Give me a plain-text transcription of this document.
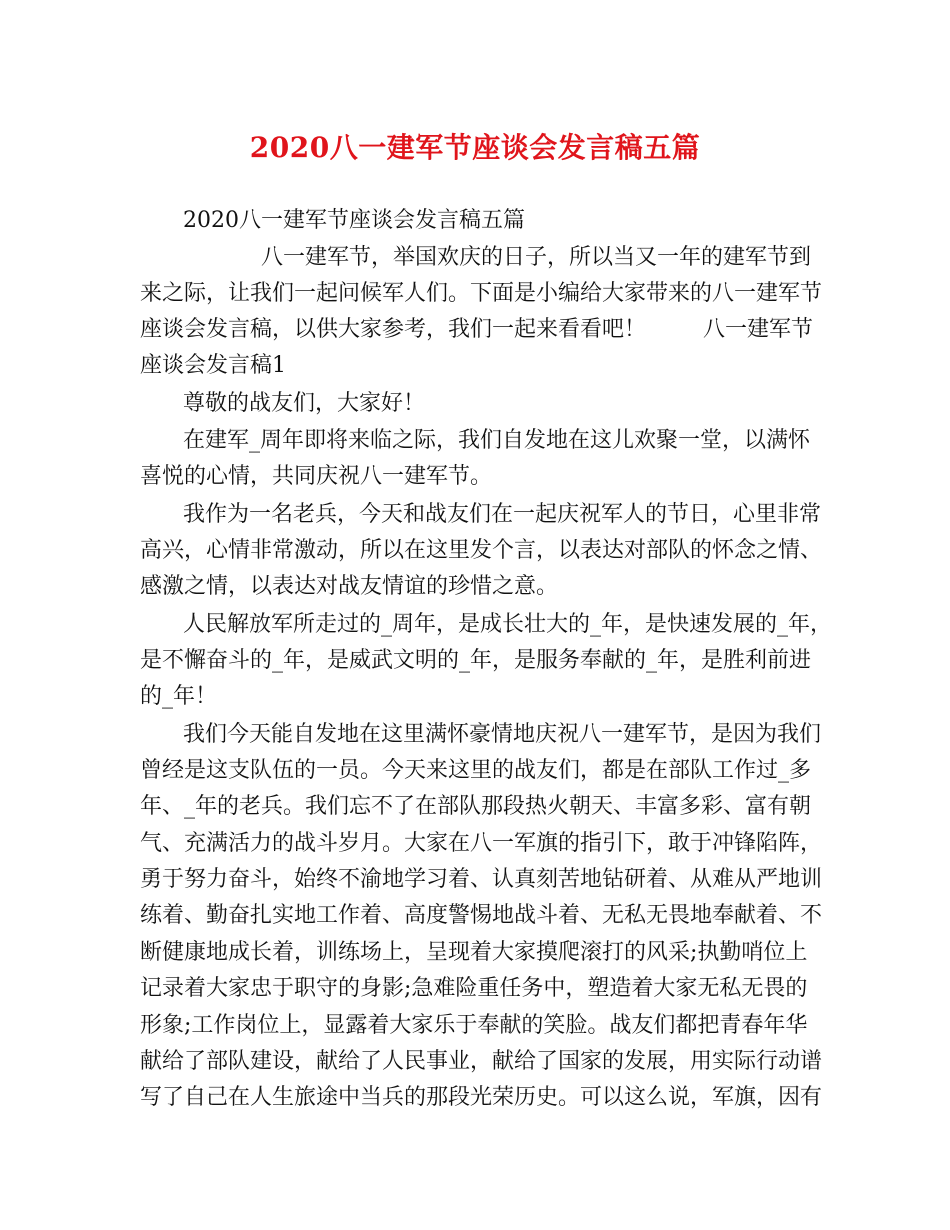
2020八一建军节座谈会发言稿五篇
2020八一建军节座谈会发言稿五篇
八一建军节，举国欢庆的日子，所以当又一年的建军节到
来之际，让我们一起问候军人们。下面是小编给大家带来的八一建军节
座谈会发言稿，以供大家参考，我们一起来看看吧！	八一建军节
座谈会发言稿1
尊敬的战友们，大家好！
在建军_周年即将来临之际，我们自发地在这儿欢聚一堂，以满怀
喜悦的心情，共同庆祝八一建军节。
我作为一名老兵，今天和战友们在一起庆祝军人的节日，心里非常
高兴，心情非常激动，所以在这里发个言，以表达对部队的怀念之情、
感激之情，以表达对战友情谊的珍惜之意。
人民解放军所走过的_周年，是成长壮大的_年，是快速发展的_年，
是不懈奋斗的_年，是威武文明的_年，是服务奉献的_年，是胜利前进
的_年！
我们今天能自发地在这里满怀豪情地庆祝八一建军节，是因为我们
曾经是这支队伍的一员。今天来这里的战友们，都是在部队工作过_多
年、_年的老兵。我们忘不了在部队那段热火朝天、丰富多彩、富有朝
气、充满活力的战斗岁月。大家在八一军旗的指引下，敢于冲锋陷阵，
勇于努力奋斗，始终不渝地学习着、认真刻苦地钻研着、从难从严地训
练着、勤奋扎实地工作着、高度警惕地战斗着、无私无畏地奉献着、不
断健康地成长着，训练场上，呈现着大家摸爬滚打的风采;执勤哨位上
记录着大家忠于职守的身影;急难险重任务中，塑造着大家无私无畏的
形象;工作岗位上，显露着大家乐于奉献的笑脸。战友们都把青春年华
献给了部队建设，献给了人民事业，献给了国家的发展，用实际行动谱
写了自己在人生旅途中当兵的那段光荣历史。可以这么说，军旗，因有
